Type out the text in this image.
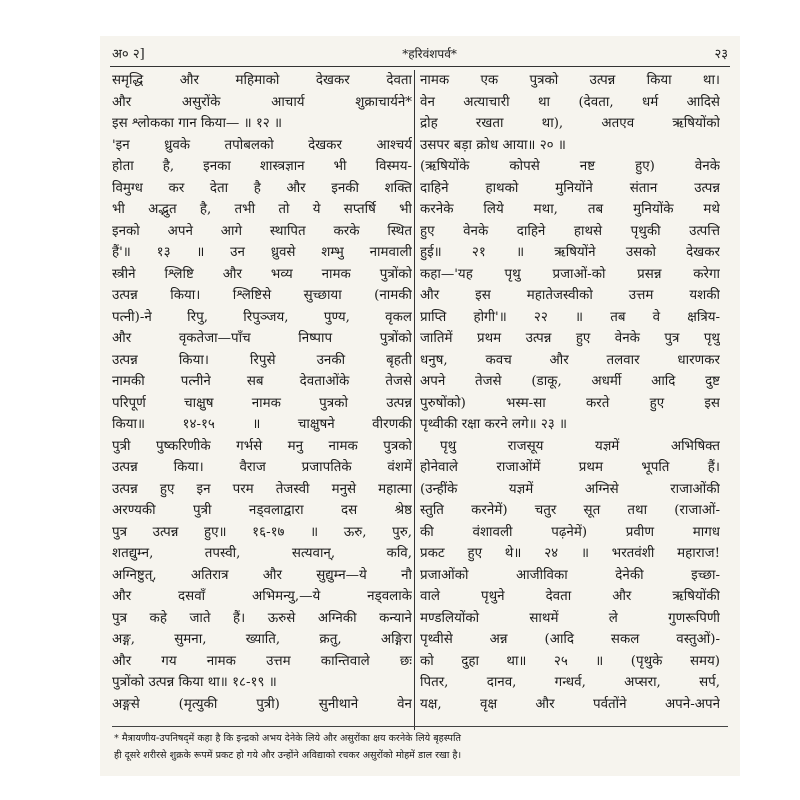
अ० २]	*हरिवंशपर्व*	२३
समृद्धि और महिमाको देखकर देवता
और असुरोंके आचार्य शुक्राचार्यने*
इस श्लोकका गान किया— ॥ १२ ॥
'इन ध्रुवके तपोबलको देखकर आश्चर्य
होता है, इनका शास्त्रज्ञान भी विस्मय-
विमुग्ध कर देता है और इनकी शक्ति
भी अद्भुत है, तभी तो ये सप्तर्षि भी
इनको अपने आगे स्थापित करके स्थित
हैं'॥ १३ ॥ उन ध्रुवसे शम्भु नामवाली
स्त्रीने श्लिष्टि और भव्य नामक पुत्रोंको
उत्पन्न किया। श्लिष्टिसे सुच्छाया (नामकी
पत्नी)-ने रिपु, रिपुञ्जय, पुण्य, वृकल
और वृकतेजा—पाँच निष्पाप पुत्रोंको
उत्पन्न किया। रिपुसे उनकी बृहती
नामकी पत्नीने सब देवताओंके तेजसे
परिपूर्ण चाक्षुष नामक पुत्रको उत्पन्न
किया॥ १४-१५ ॥ चाक्षुषने वीरणकी
पुत्री पुष्करिणीके गर्भसे मनु नामक पुत्रको
उत्पन्न किया। वैराज प्रजापतिके वंशमें
उत्पन्न हुए इन परम तेजस्वी मनुसे महात्मा
अरण्यकी पुत्री नड्वलाद्वारा दस श्रेष्ठ
पुत्र उत्पन्न हुए॥ १६-१७ ॥ ऊरु, पुरु,
शतद्युम्न, तपस्वी, सत्यवान्, कवि,
अग्निष्टुत्, अतिरात्र और सुद्युम्न—ये नौ
और दसवाँ अभिमन्यु,—ये नड्वलाके
पुत्र कहे जाते हैं। ऊरुसे अग्निकी कन्याने
अङ्ग, सुमना, ख्याति, क्रतु, अङ्गिरा
और गय नामक उत्तम कान्तिवाले छः
पुत्रोंको उत्पन्न किया था॥ १८-१९ ॥
अङ्गसे (मृत्युकी पुत्री) सुनीथाने वेन
नामक एक पुत्रको उत्पन्न किया था।
वेन अत्याचारी था (देवता, धर्म आदिसे
द्रोह रखता था), अतएव ऋषियोंको
उसपर बड़ा क्रोध आया॥ २० ॥
(ऋषियोंके कोपसे नष्ट हुए) वेनके
दाहिने हाथको मुनियोंने संतान उत्पन्न
करनेके लिये मथा, तब मुनियोंके मथे
हुए वेनके दाहिने हाथसे पृथुकी उत्पत्ति
हुई॥ २१ ॥ ऋषियोंने उसको देखकर
कहा—'यह पृथु प्रजाओं-को प्रसन्न करेगा
और इस महातेजस्वीको उत्तम यशकी
प्राप्ति होगी'॥ २२ ॥ तब वे क्षत्रिय-
जातिमें प्रथम उत्पन्न हुए वेनके पुत्र पृथु
धनुष, कवच और तलवार धारणकर
अपने तेजसे (डाकू, अधर्मी आदि दुष्ट
पुरुषोंको) भस्म-सा करते हुए इस
पृथ्वीकी रक्षा करने लगे॥ २३ ॥
पृथु राजसूय यज्ञमें अभिषिक्त
होनेवाले राजाओंमें प्रथम भूपति हैं।
(उन्हींके यज्ञमें अग्निसे राजाओंकी
स्तुति करनेमें) चतुर सूत तथा (राजाओं-
की वंशावली पढ़नेमें) प्रवीण मागध
प्रकट हुए थे॥ २४ ॥ भरतवंशी महाराज!
प्रजाओंको आजीविका देनेकी इच्छा-
वाले पृथुने देवता और ऋषियोंकी
मण्डलियोंको साथमें ले गुणरूपिणी
पृथ्वीसे अन्न (आदि सकल वस्तुओं)-
को दुहा था॥ २५ ॥ (पृथुके समय)
पितर, दानव, गन्धर्व, अप्सरा, सर्प,
यक्ष, वृक्ष और पर्वतोंने अपने-अपने
* मैत्रायणीय-उपनिषद्‌में कहा है कि इन्द्रको अभय देनेके लिये और असुरोंका क्षय करनेके लिये बृहस्पति
ही दूसरे शरीरसे शुक्रके रूपमें प्रकट हो गये और उन्होंने अविद्याको रचकर असुरोंको मोहमें डाल रखा है।
